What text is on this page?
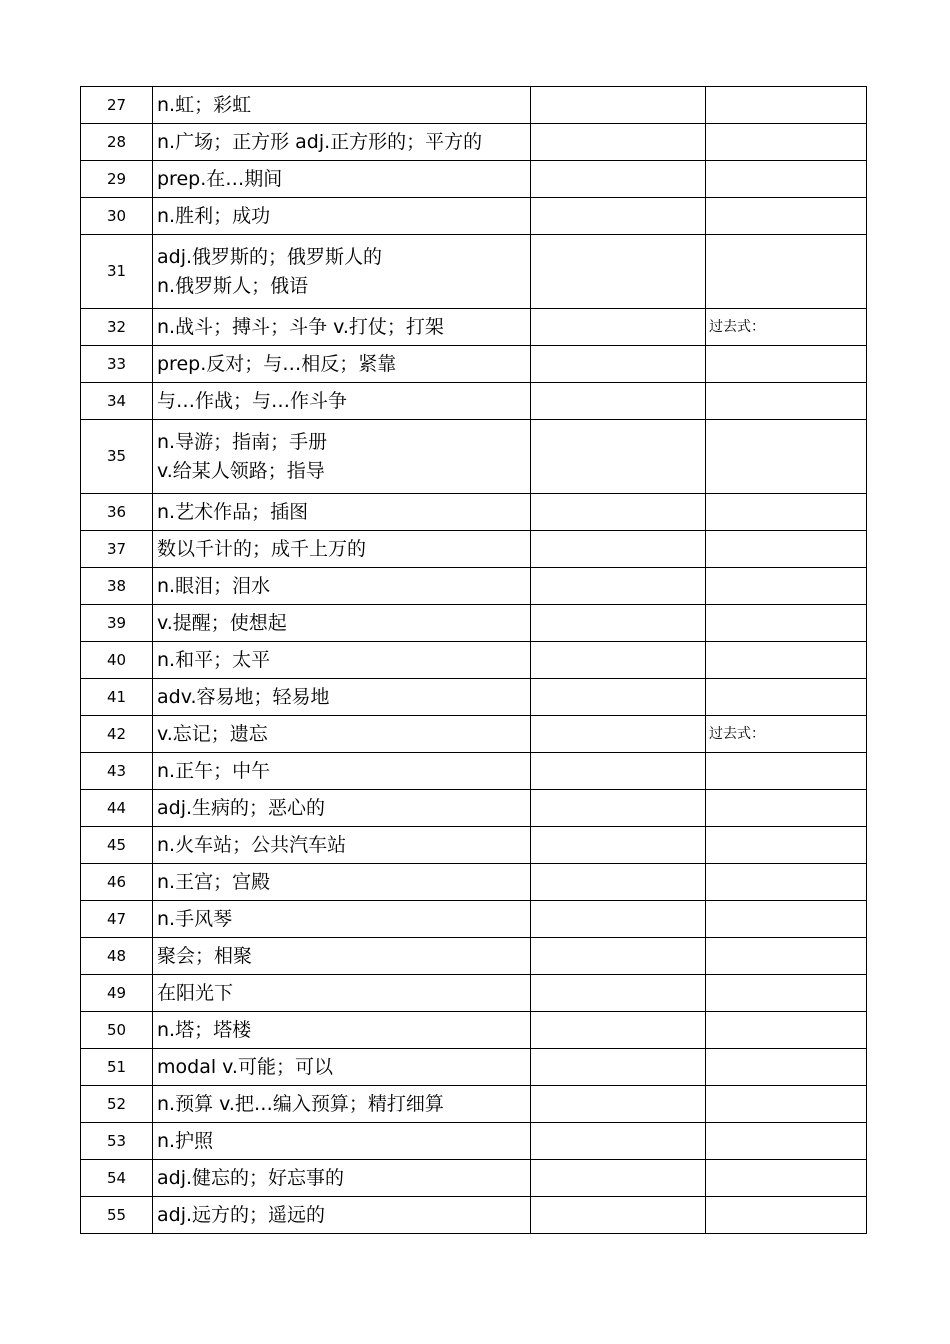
27	n.虹；彩虹		

28	n.广场；正方形 adj.正方形的；平方的		

29	prep.在…期间		

30	n.胜利；成功		

31	adj.俄罗斯的；俄罗斯人的
n.俄罗斯人；俄语		

32	n.战斗；搏斗；斗争 v.打仗；打架		过去式：
33	prep.反对；与…相反；紧靠		

34	与…作战；与…作斗争		

35	n.导游；指南；手册
v.给某人领路；指导		

36	n.艺术作品；插图		

37	数以千计的；成千上万的		

38	n.眼泪；泪水		

39	v.提醒；使想起		

40	n.和平；太平		

41	adv.容易地；轻易地		

42	v.忘记；遗忘		过去式：
43	n.正午；中午		

44	adj.生病的；恶心的		

45	n.火车站；公共汽车站		

46	n.王宫；宫殿		

47	n.手风琴		

48	聚会；相聚		

49	在阳光下		

50	n.塔；塔楼		

51	modal v.可能；可以		

52	n.预算 v.把…编入预算；精打细算		

53	n.护照		

54	adj.健忘的；好忘事的		

55	adj.远方的；遥远的		
